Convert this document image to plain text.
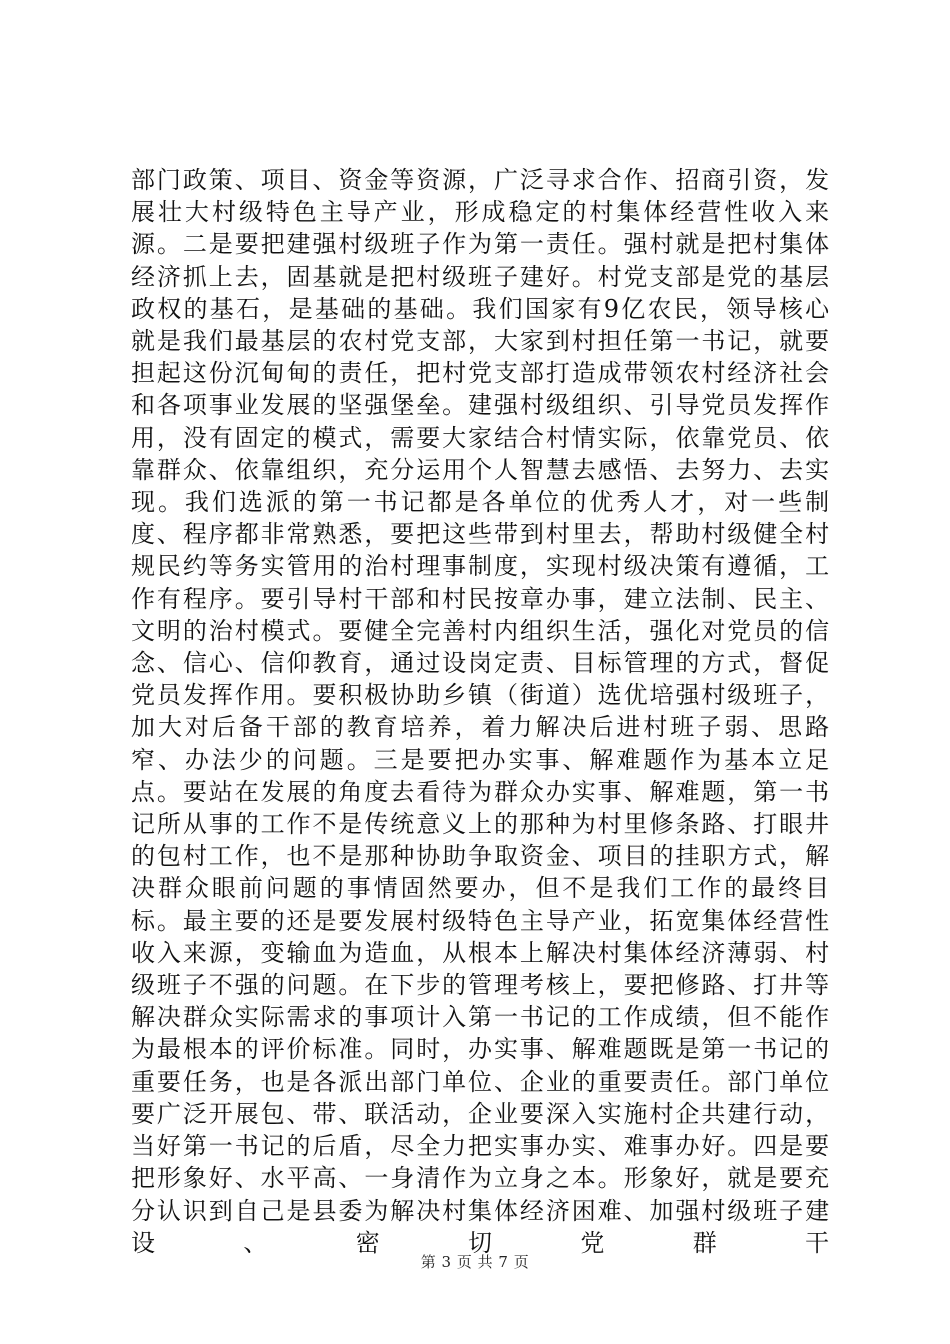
部门政策、项目、资金等资源，广泛寻求合作、招商引资，发展壮大村级特色主导产业，形成稳定的村集体经营性收入来源。二是要把建强村级班子作为第一责任。强村就是把村集体经济抓上去，固基就是把村级班子建好。村党支部是党的基层政权的基石，是基础的基础。我们国家有9亿农民，领导核心就是我们最基层的农村党支部，大家到村担任第一书记，就要担起这份沉甸甸的责任，把村党支部打造成带领农村经济社会和各项事业发展的坚强堡垒。建强村级组织、引导党员发挥作用，没有固定的模式，需要大家结合村情实际，依靠党员、依靠群众、依靠组织，充分运用个人智慧去感悟、去努力、去实现。我们选派的第一书记都是各单位的优秀人才，对一些制度、程序都非常熟悉，要把这些带到村里去，帮助村级健全村规民约等务实管用的治村理事制度，实现村级决策有遵循，工作有程序。要引导村干部和村民按章办事，建立法制、民主、文明的治村模式。要健全完善村内组织生活，强化对党员的信念、信心、信仰教育，通过设岗定责、目标管理的方式，督促党员发挥作用。要积极协助乡镇（街道）选优培强村级班子，加大对后备干部的教育培养，着力解决后进村班子弱、思路窄、办法少的问题。三是要把办实事、解难题作为基本立足点。要站在发展的角度去看待为群众办实事、解难题，第一书记所从事的工作不是传统意义上的那种为村里修条路、打眼井的包村工作，也不是那种协助争取资金、项目的挂职方式，解决群众眼前问题的事情固然要办，但不是我们工作的最终目标。最主要的还是要发展村级特色主导产业，拓宽集体经营性收入来源，变输血为造血，从根本上解决村集体经济薄弱、村级班子不强的问题。在下步的管理考核上，要把修路、打井等解决群众实际需求的事项计入第一书记的工作成绩，但不能作为最根本的评价标准。同时，办实事、解难题既是第一书记的重要任务，也是各派出部门单位、企业的重要责任。部门单位要广泛开展包、带、联活动，企业要深入实施村企共建行动，当好第一书记的后盾，尽全力把实事办实、难事办好。四是要把形象好、水平高、一身清作为立身之本。形象好，就是要充分认识到自己是县委为解决村集体经济困难、加强村级班子建设、密切党群干

第 3 页 共 7 页
